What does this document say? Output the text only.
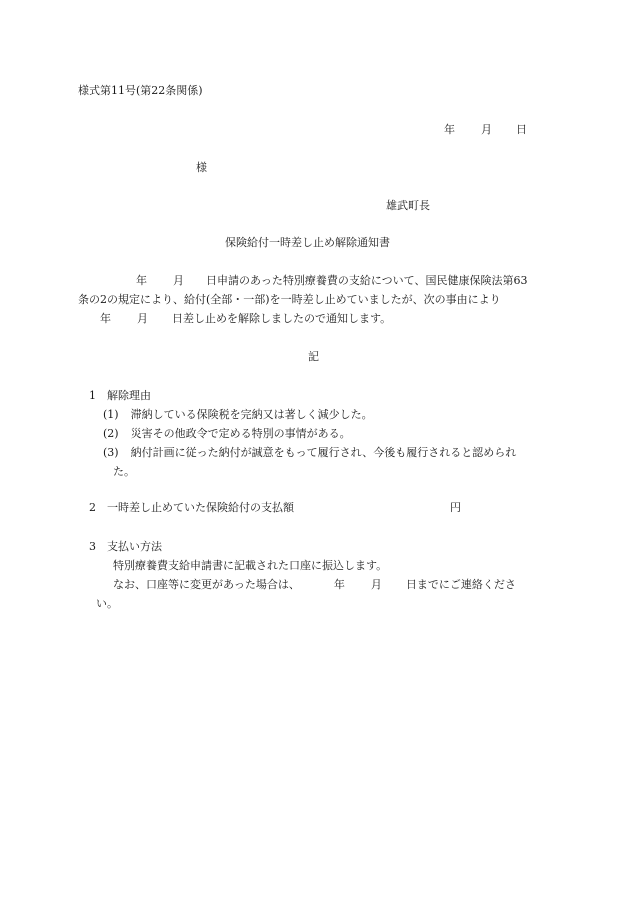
様式第11号(第22条関係)
年 月 日
様
雄武町長
保険給付一時差し止め解除通知書
年 月 日申請のあった特別療養費の支給について、国民健康保険法第63
条の2の規定により、給付(全部・一部)を一時差し止めていましたが、次の事由により
年 月 日差し止めを解除しましたので通知します。
記
1　解除理由
(1) 滞納している保険税を完納又は著しく減少した。
(2) 災害その他政令で定める特別の事情がある。
(3) 納付計画に従った納付が誠意をもって履行され、今後も履行されると認められ
た。
2　一時差し止めていた保険給付の支払額	円
3　支払い方法
特別療養費支給申請書に記載された口座に振込します。
なお、口座等に変更があった場合は、	年 月 日までにご連絡くださ
い。
